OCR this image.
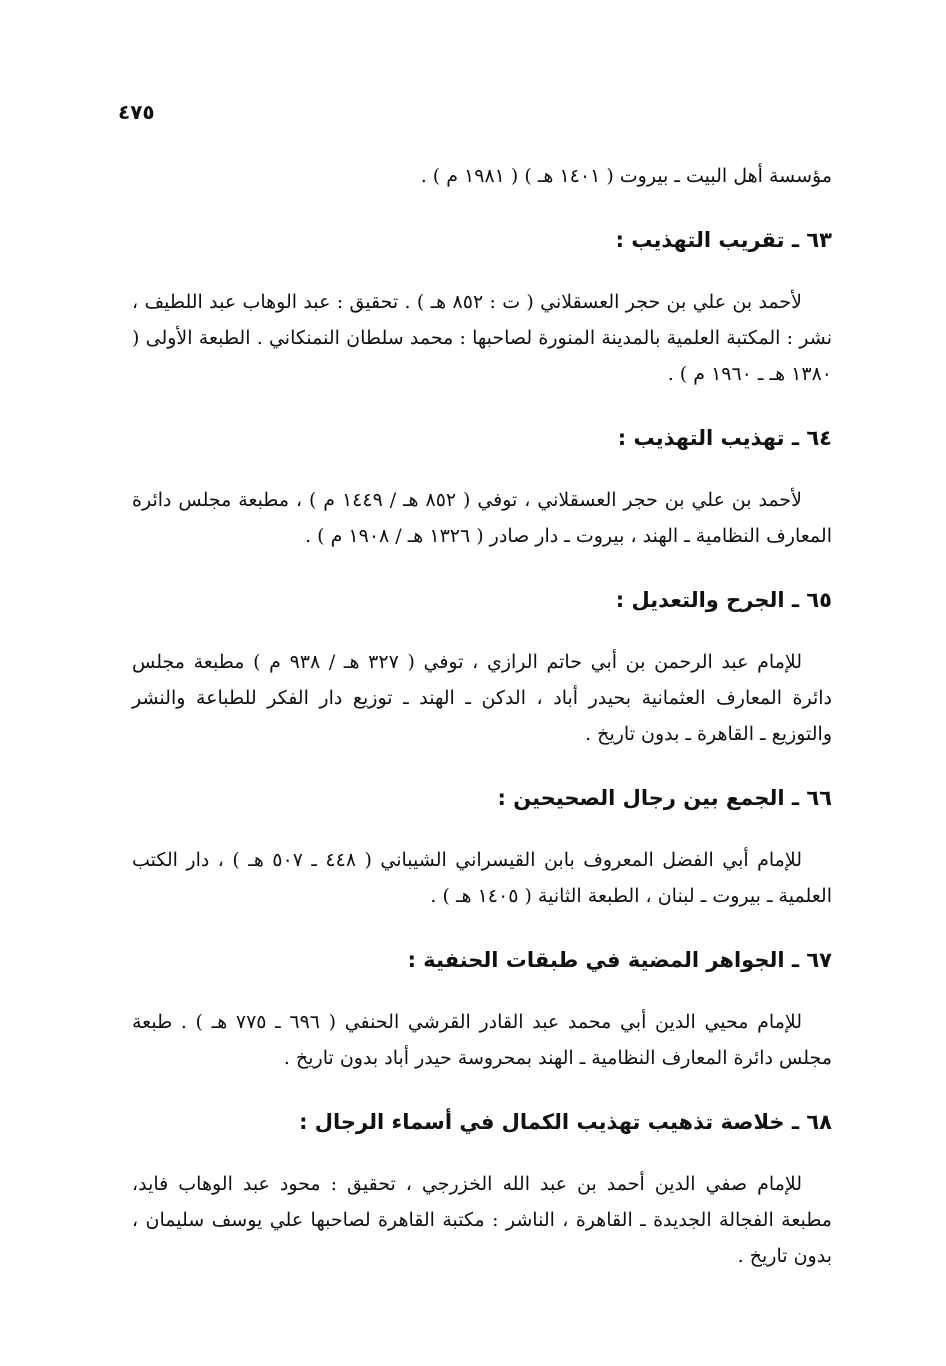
٤٧٥

مؤسسة أهل البيت ـ بيروت ( ١٤٠١ هـ ) ( ١٩٨١ م ) .

٦٣ ـ تقريب التهذيب :

لأحمد بن علي بن حجر العسقلاني ( ت : ٨٥٢ هـ ) . تحقيق : عبد الوهاب عبد اللطيف ، نشر : المكتبة العلمية بالمدينة المنورة لصاحبها : محمد سلطان النمنكاني . الطبعة الأولى ( ١٣٨٠ هـ ـ ١٩٦٠ م ) .

٦٤ ـ تهذيب التهذيب :

لأحمد بن علي بن حجر العسقلاني ، توفي ( ٨٥٢ هـ / ١٤٤٩ م ) ، مطبعة مجلس دائرة المعارف النظامية ـ الهند ، بيروت ـ دار صادر ( ١٣٢٦ هـ / ١٩٠٨ م ) .

٦٥ ـ الجرح والتعديل :

للإمام عبد الرحمن بن أبي حاتم الرازي ، توفي ( ٣٢٧ هـ / ٩٣٨ م ) مطبعة مجلس دائرة المعارف العثمانية بحيدر أباد ، الدكن ـ الهند ـ توزيع دار الفكر للطباعة والنشر والتوزيع ـ القاهرة ـ بدون تاريخ .

٦٦ ـ الجمع بين رجال الصحيحين :

للإمام أبي الفضل المعروف بابن القيسراني الشيباني ( ٤٤٨ ـ ٥٠٧ هـ ) ، دار الكتب العلمية ـ بيروت ـ لبنان ، الطبعة الثانية ( ١٤٠٥ هـ ) .

٦٧ ـ الجواهر المضية في طبقات الحنفية :

للإمام محيي الدين أبي محمد عبد القادر القرشي الحنفي ( ٦٩٦ ـ ٧٧٥ هـ ) . طبعة مجلس دائرة المعارف النظامية ـ الهند بمحروسة حيدر أباد بدون تاريخ .

٦٨ ـ خلاصة تذهيب تهذيب الكمال في أسماء الرجال :

للإمام صفي الدين أحمد بن عبد الله الخزرجي ، تحقيق : محود عبد الوهاب فايد، مطبعة الفجالة الجديدة ـ القاهرة ، الناشر : مكتبة القاهرة لصاحبها علي يوسف سليمان ، بدون تاريخ .
